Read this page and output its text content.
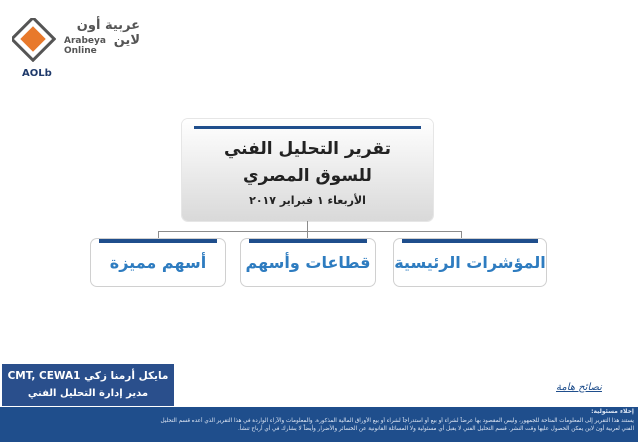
عربية أون لاين
Arabeya Online
AOLb
تقرير التحليل الفني
للسوق المصري
الأربعاء ١ فبراير ٢٠١٧
المؤشرات الرئيسية
قطاعات وأسهم
أسهم مميزة
مايكل أرمنا زكي CMT, CEWA1
مدير إدارة التحليل الفني
نصائح هامة
إخلاء مسئولية:
يستند هذا التقرير إلى المعلومات المتاحة للجمهور، وليس المقصود بها عرضاً لشراء أو بيع أو استدراجاً لشراء أو بيع الأوراق المالية المذكورة. والمعلومات والآراء الواردة في هذا التقرير الذي أعده قسم التحليل
الفني لعربية أون لاين يمكن الحصول عليها وقت النشر. قسم التحليل الفني لا يقبل أي مسئولية ولا المسائلة القانونية عن الخسائر والأضرار وأيضاً لا يشارك في أي أرباح تنشأ.
